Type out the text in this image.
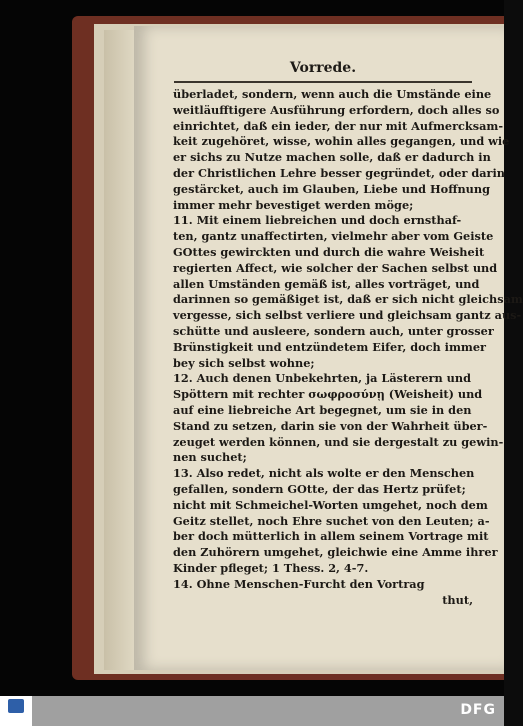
Vorrede.
überladet, sondern, wenn auch die Umstände eine
weitläufftigere Ausführung erfordern, doch alles so
einrichtet, daß ein ieder, der nur mit Aufmercksam-
keit zugehöret, wisse, wohin alles gegangen, und wie
er sichs zu Nutze machen solle, daß er dadurch in
der Christlichen Lehre besser gegründet, oder darin
gestärcket, auch im Glauben, Liebe und Hoffnung
immer mehr bevestiget werden möge;
11. Mit einem liebreichen und doch ernsthaf-
ten, gantz unaffectirten, vielmehr aber vom Geiste
GOttes gewirckten und durch die wahre Weisheit
regierten Affect, wie solcher der Sachen selbst und
allen Umständen gemäß ist, alles vorträget, und
darinnen so gemäßiget ist, daß er sich nicht gleichsam
vergesse, sich selbst verliere und gleichsam gantz aus-
schütte und ausleere, sondern auch, unter grosser
Brünstigkeit und entzündetem Eifer, doch immer
bey sich selbst wohne;
12. Auch denen Unbekehrten, ja Lästerern und
Spöttern mit rechter σωφροσύνῃ (Weisheit) und
auf eine liebreiche Art begegnet, um sie in den
Stand zu setzen, darin sie von der Wahrheit über-
zeuget werden können, und sie dergestalt zu gewin-
nen suchet;
13. Also redet, nicht als wolte er den Menschen
gefallen, sondern GOtte, der das Hertz prüfet;
nicht mit Schmeichel-Worten umgehet, noch dem
Geitz stellet, noch Ehre suchet von den Leuten; a-
ber doch mütterlich in allem seinem Vortrage mit
den Zuhörern umgehet, gleichwie eine Amme ihrer
Kinder pfleget; 1 Thess. 2, 4-7.
14. Ohne Menschen-Furcht den Vortrag
thut,
DFG
